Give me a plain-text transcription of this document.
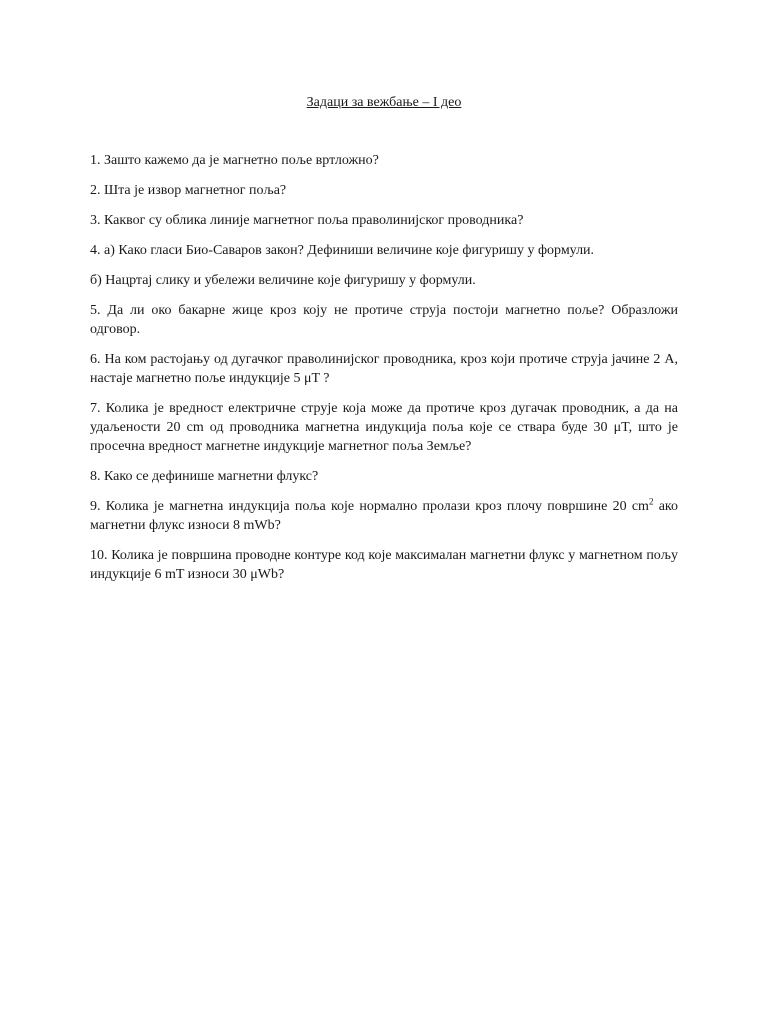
Задаци за вежбање – I део

1. Зашто кажемо да је магнетно поље вртложно?

2. Шта је извор магнетног поља?

3. Каквог су облика линије магнетног поља праволинијског проводника?

4. а) Како гласи Био-Саваров закон? Дефиниши величине које фигуришу у формули.

б) Нацртај слику и убележи величине које фигуришу у формули.

5. Да ли око бакарне жице кроз коју не протиче струја постоји магнетно поље? Образложи одговор.

6. На ком растојању од дугачког праволинијског проводника, кроз који протиче струја јачине 2 A, настаје магнетно поље индукције 5 μT ?

7. Колика је вредност електричне струје која може да протиче кроз дугачак проводник, а да на удаљености 20 cm од проводника магнетна индукција поља које се ствара буде 30 μT, што је просечна вредност магнетне индукције магнетног поља Земље?

8. Како се дефинише магнетни флукс?

9. Колика је магнетна индукција поља које нормално пролази кроз плочу површине 20 $cm^2$ ако магнетни флукс износи 8 mWb?

10. Колика је површина проводне контуре код које максималан магнетни флукс у магнетном пољу индукције 6 mT износи 30 μWb?
